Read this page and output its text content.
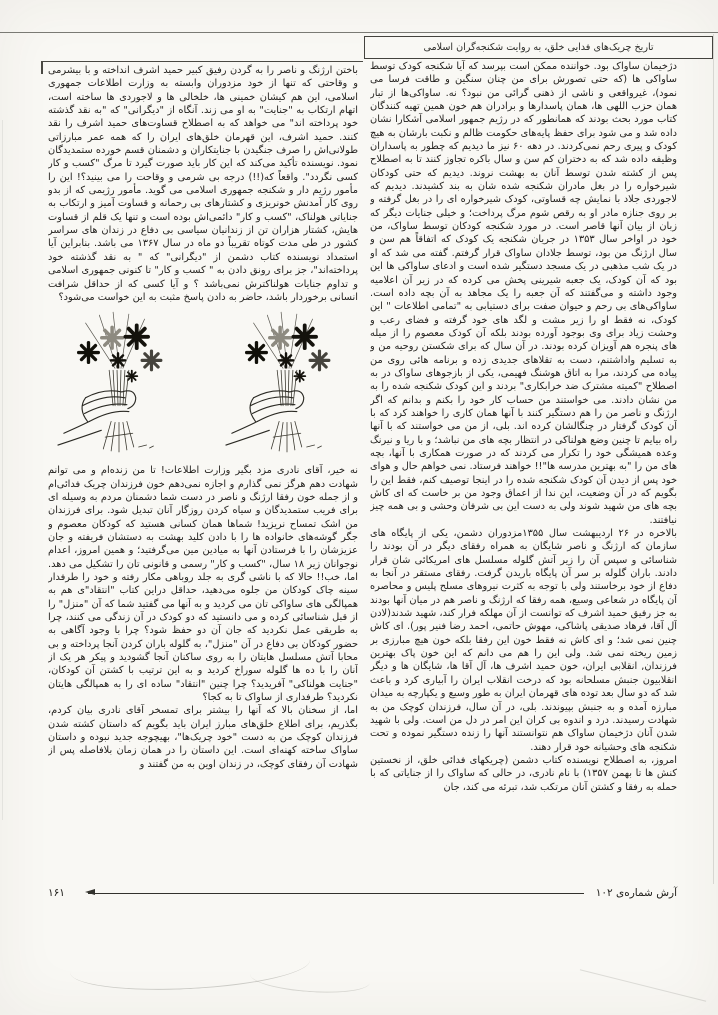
تاریخ چریک‌های فدایی خلق، به روایت شکنجه‌گران اسلامی

دژخیمان ساواک بود. خواننده ممکن است بپرسد که آیا شکنجه کودک توسط ساواکی ها (که حتی تصورش برای من چنان سنگین و طاقت فرسا می نمود)، غیرواقعی و ناشی از ذهنی گرائی من نبود؟ نه. ساواکی‌ها از تبار همان حزب اللهی ها، همان پاسدارها و برادران هم خون همین تهیه کنندگان کتاب مورد بحث بودند که همانطور که در رژیم جمهور اسلامی آشکارا نشان داده شد و می شود برای حفظ پایه‌های حکومت ظالم و نکبت بارشان به هیچ کودک و پیری رحم نمی‌کردند. در دهه ۶۰ نیز ما دیدیم که چطور به پاسداران وظیفه داده شد که به دختران کم سن و سال باکره تجاوز کنند تا به اصطلاح پس از کشته شدن توسط آنان به بهشت نروند. دیدیم که حتی کودکان شیرخواره را در بغل مادران شکنجه شده شان به بند کشیدند. دیدیم که لاجوردی جلاد با نمایش چه قساوتی، کودک شیرخواره ای را در بغل گرفته و بر روی جنازه مادر او به رقص شوم مرگ پرداخت؛ و خیلی جنایات دیگر که زبان از بیان آنها قاصر است. در مورد شکنجه کودکان توسط ساواک، من خود در اواخر سال ۱۳۵۳ در جریان شکنجه یک کودک که اتفاقاً هم سن و سال ارژنگ من بود، توسط جلادان ساواک قرار گرفتم. گفته می شد که او در یک شب مذهبی در یک مسجد دستگیر شده است و ادعای ساواکی ها این بود که آن کودک، یک جعبه شیرینی پخش می کرده که در زیر آن اعلامیه وجود داشته و می‌گفتند که آن جعبه را یک مجاهد به آن بچه داده است. ساواکی‌های بی رحم و حیوان صفت برای دستیابی به "تمامی اطلاعات " این کودک، نه فقط او را زیر مشت و لگد های خود گرفته و فضای رعب و وحشت زیاد برای وی بوجود آورده بودند بلکه آن کودک معصوم را از میله های پنجره هم آویزان کرده بودند. در آن سال که برای شکستن روحیه من و به تسلیم واداشتنم، دست به تقلاهای جدیدی زده و برنامه هائی روی من پیاده می کردند، مرا به اتاق هوشنگ فهیمی، یکی از بازجوهای ساواک در به اصطلاح "کمیته مشترک ضد خرابکاری" بردند و این کودک شکنجه شده را به من نشان دادند. می خواستند من حساب کار خود را بکنم و بدانم که اگر ارژنگ و ناصر من را هم دستگیر کنند با آنها همان کاری را خواهند کرد که با آن کودک گرفتار در چنگالشان کرده اند. بلی، از من می خواستند که با آنها راه بیایم تا چنین وضع هولناکی در انتظار بچه های من نباشد؛ و با ریا و نیرنگ وعده همیشگی خود را تکرار می کردند که در صورت همکاری با آنها، بچه های من را "به بهترین مدرسه ها"!! خواهند فرستاد. نمی خواهم حال و هوای خود پس از دیدن آن کودک شکنجه شده را در اینجا توصیف کنم، فقط این را بگویم که در آن وضعیت، این ندا از اعماق وجود من بر خاست که ای کاش بچه های من شهید شوند ولی به دست این بی شرفان وحشی و بی همه چیز نیافتند.

بالاخره در ۲۶ اردیبهشت سال ۱۳۵۵مزدوران دشمن، یکی از پایگاه های سازمان که ارژنگ و ناصر شایگان به همراه رفقای دیگر در آن بودند را شناسائی و سپس آن را زیر آتش گلوله مسلسل های امریکائی شان قرار دادند. باران گلوله بر سر آن پایگاه باریدن گرفت. رفقای مستقر در آنجا به دفاع از خود برخاستند ولی با توجه به کثرت نیروهای مسلح پلیس و محاصره آن پایگاه در شعاعی وسیع، همه رفقا که ارژنگ و ناصر هم در میان آنها بودند به جز رفیق حمید اشرف که توانست از آن مهلکه فرار کند، شهید شدند(لادن آل آقا، فرهاد صدیقی پاشاکی، مهوش حاتمی، احمد رضا فنیر پور). ای کاش چنین نمی شد؛ و ای کاش نه فقط خون این رفقا بلکه خون هیچ مبارزی بر زمین ریخته نمی شد. ولی این را هم می دانم که این خون پاک بهترین فرزندان, انقلابی ایران، خون حمید اشرف ها، آل آقا ها، شایگان ها و دیگر انقلابیون جنبش مسلحانه بود که درخت انقلاب ایران را آبیاری کرد و باعث شد که دو سال بعد توده های قهرمان ایران به طور وسیع و یکپارچه به میدان مبارزه آمده و به جنبش بپیوندند. بلی، در آن سال، فرزندان کوچک من به شهادت رسیدند. درد و اندوه بی کران این امر در دل من است. ولی با شهید شدن آنان دژخیمان ساواک هم نتوانستند آنها را زنده دستگیر نموده و تحت شکنجه های وحشیانه خود قرار دهند.

امروز، به اصطلاح نویسنده کتاب دشمن (چریکهای فدائی خلق، از نخستین کنش ها تا بهمن ۱۳۵۷) با نام نادری، در حالی که ساواک را از جنایاتی که با حمله به رفقا و کشتن آنان مرتکب شد، تبرئه می کند، جان

باختن ارژنگ و ناصر را به گردن رفیق کبیر حمید اشرف انداخته و با بیشرمی و وقاحتی که تنها از خود مزدوران وابسته به وزارت اطلاعات جمهوری اسلامی، این هم کیشان خمینی ها، خلخالی ها و لاجوردی ها ساخته است، اتهام ارتکاب به "جنایت" به او می زند. آنگاه از "دیگرانی" که "به نقد گذشته خود پرداخته اند" می خواهد که به اصطلاح قساوت‌های حمید اشرف را نقد کنند. حمید اشرف، این قهرمان خلق‌های ایران را که همه عمر مبارزاتی طولانی‌اش را صرف جنگیدن با جنایتکاران و دشمنان قسم خورده ستمدیدگان نمود. نویسنده تأکید می‌کند که این کار باید صورت گیرد تا مرگ "کسب و کار کسی نگردد". واقعاً که(!!) درجه بی شرمی و وقاحت را می بینید؟! این را مأمور رژیم دار و شکنجه جمهوری اسلامی می گوید. مأمور رژیمی که از بدو روی کار آمدنش خونریزی و کشتارهای بی رحمانه و قساوت آمیز و ارتکاب به جنایاتی هولناک، "کسب و کار" دائمی‌اش بوده است و تنها یک قلم از قساوت هایش، کشتار هزاران تن از زندانیان سیاسی بی دفاع در زندان های سراسر کشور در طی مدت کوتاه تقریباً دو ماه در سال ۱۳۶۷ می باشد. بنابراین آیا استمداد نویسنده کتاب دشمن از "دیگرانی" که " به نقد گذشته خود پرداخته‌اند"، جز برای رونق دادن به " کسب و کار" تا کنونی جمهوری اسلامی و تداوم جنایات هولناکترش نمی‌باشد ؟ و آیا کسی که از حداقل شرافت انسانی برخوردار باشد، حاضر به دادن پاسخ مثبت به این خواست می‌شود؟

نه خیر، آقای نادری مزد بگیر وزارت اطلاعات! تا من زنده‌ام و می توانم شهادت دهم هرگز نمی گذارم و اجازه نمی‌دهم خون فرزندان چریک فدائی‌ام و از جمله خون رفقا ارژنگ و ناصر در دست شما دشمنان مردم به وسیله ای برای فریب ستمدیدگان و سیاه کردن روزگار آنان تبدیل شود. برای فرزندان من اشک تمساح نریزید! شماها همان کسانی هستید که کودکان معصوم و جگر گوشه‌های خانواده ها را با دادن کلید بهشت به دستشان فریفته و جان عزیزشان را با فرستادن آنها به میادین مین می‌گرفتید؛ و همین امروز، اعدام نوجوانان زیر ۱۸ سال، "کسب و کار" رسمی و قانونی تان را تشکیل می دهد. اما، خب!! حالا که با ناشی گری به جلد روباهی مکار رفته و خود را طرفدار سینه چاک کودکان من جلوه می‌دهید، حداقل دراین کتاب "انتقاد"ی هم به همپالگی های ساواکی تان می کردید و به آنها می گفتید شما که آن "منزل" را از قبل شناسائی کرده و می دانستید که دو کودک در آن زندگی می کنند، چرا به طریقی عمل نکردید که جان آن دو حفظ شود؟ چرا با وجود آگاهی به حضور کودکان بی دفاع در آن "منزل"، به گلوله باران کردن آنجا پرداخته و بی محابا آتش مسلسل هایتان را به روی ساکنان آنجا گشودید و پیکر هر یک از آنان را با ده ها گلوله سوراخ کردید و به این ترتیب با کشتن آن کودکان، "جنایت هولناکی" آفریدید؟ چرا چنین "انتقاد" ساده ای را به همپالگی هایتان نکردید؟ طرفداری از ساواک تا به کجا؟

اما، از سخنان بالا که آنها را بیشتر برای تمسخر آقای نادری بیان کردم، بگذریم، برای اطلاع خلق‌های مبارز ایران باید بگویم که داستان کشته شدن فرزندان کوچک من به دست "خود چریک‌ها"، بهیچوجه جدید نبوده و داستان ساواک ساخته کهنه‌ای است. این داستان را در همان زمان بلافاصله پس از شهادت آن رفقای کوچک، در زندان اوین به من گفتند و

۱۶۱	آرش شماره‌ی ۱۰۲
